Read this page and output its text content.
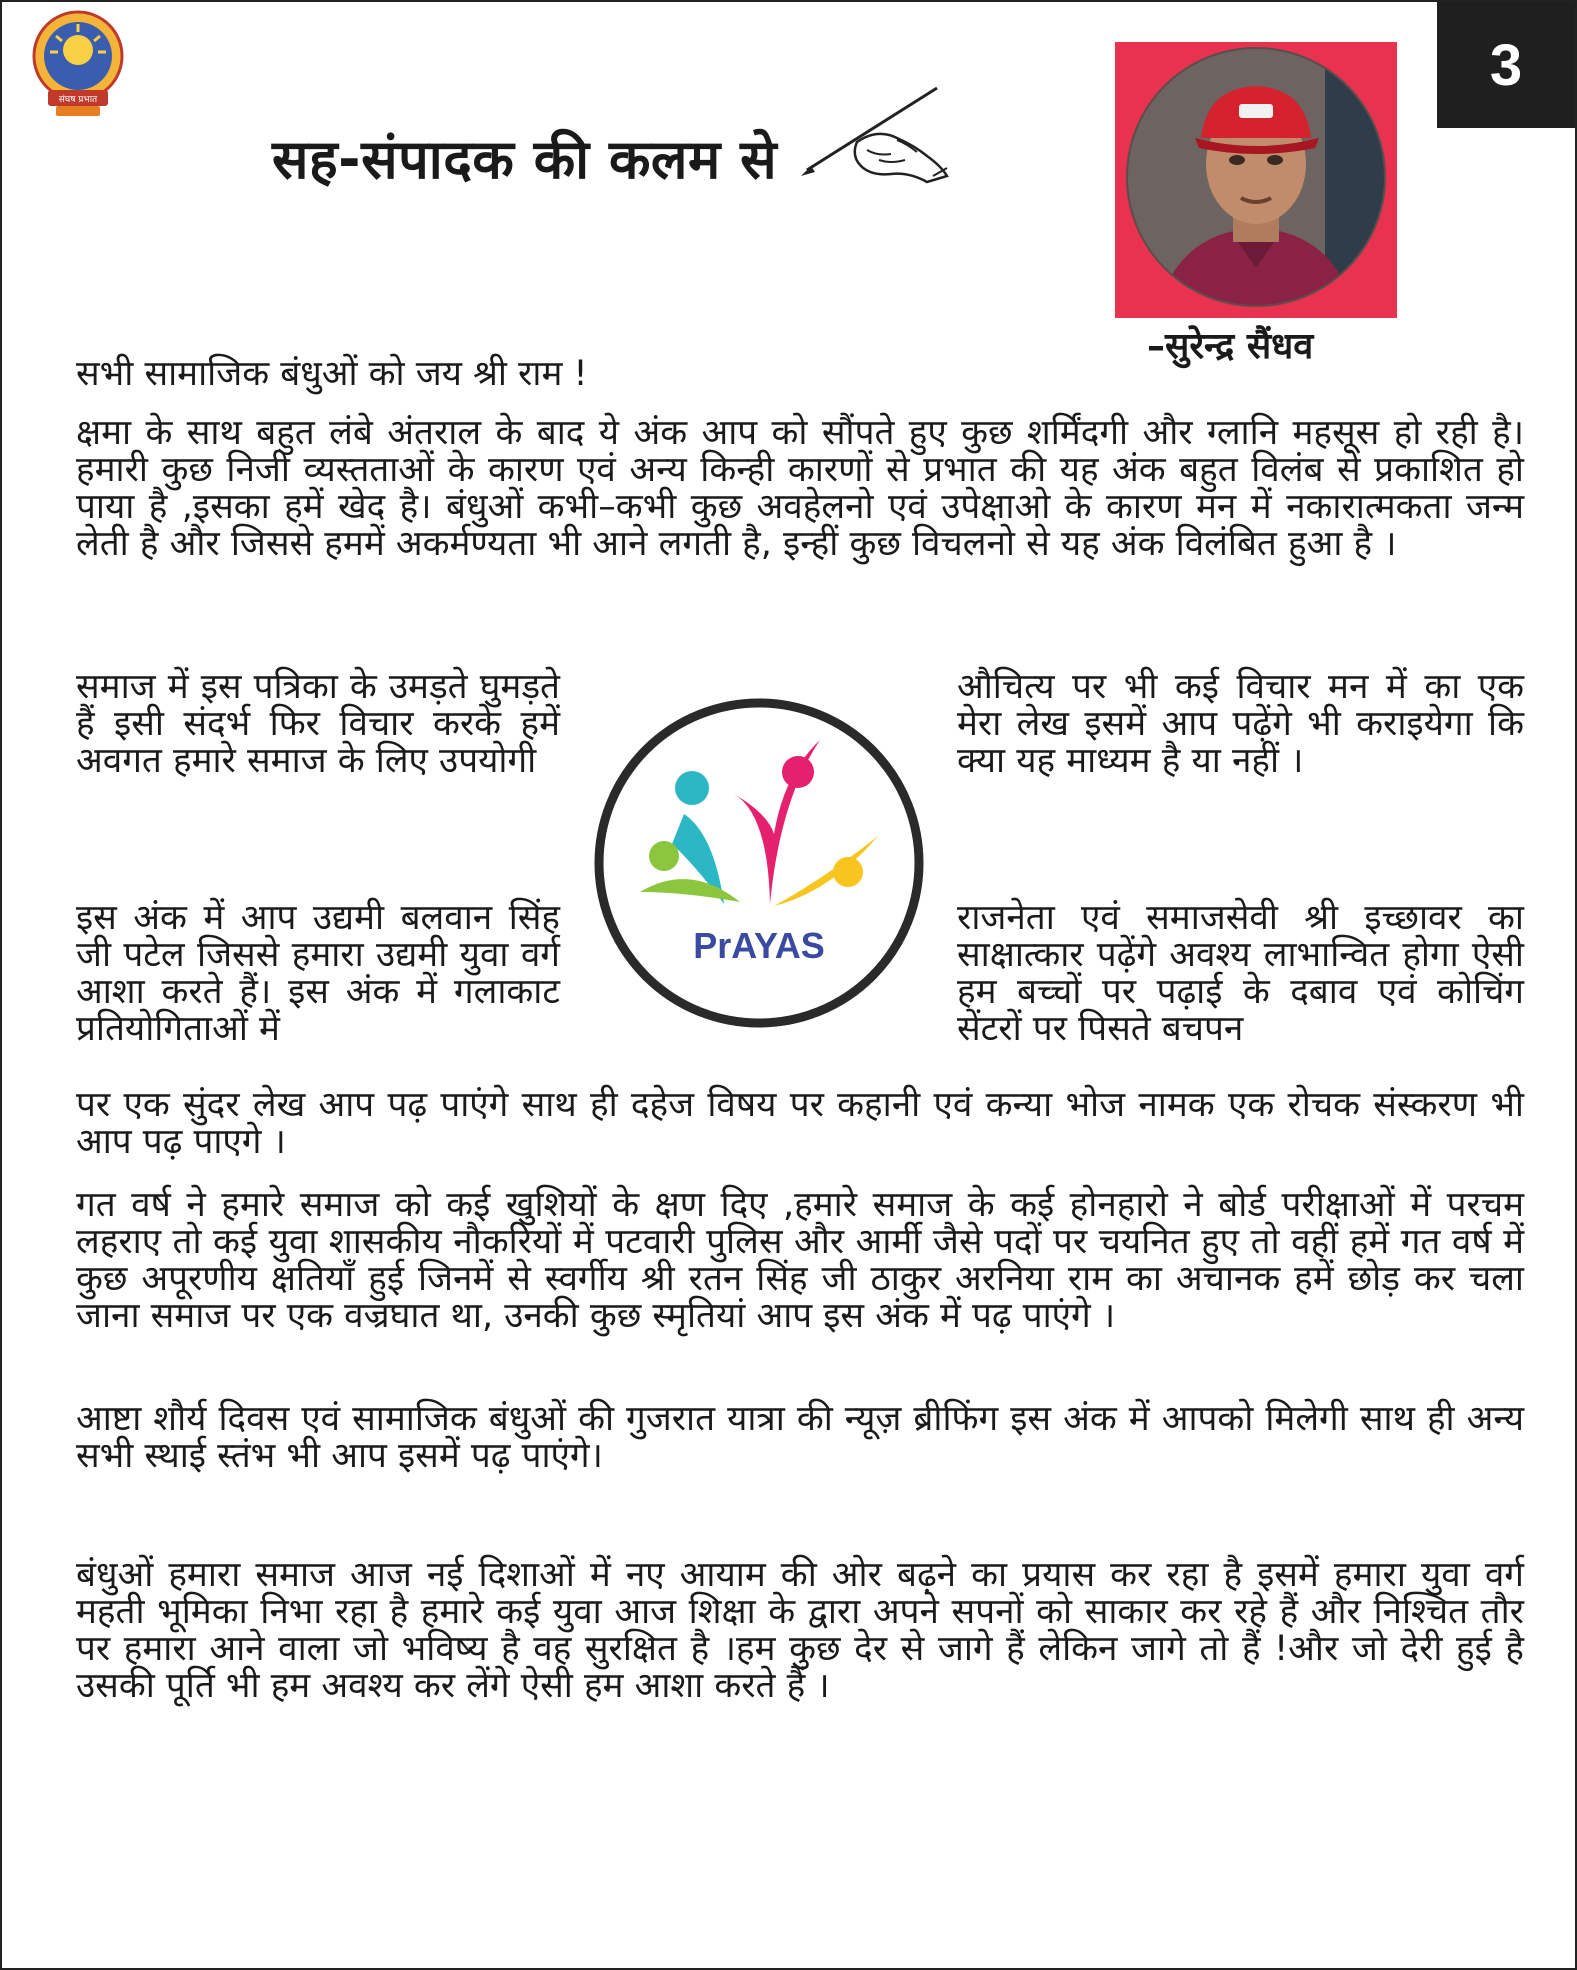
संघष प्रभात
सह-संपादक की कलम से
–सुरेन्द्र सैंधव

सभी सामाजिक बंधुओं को जय श्री राम !

क्षमा के साथ बहुत लंबे अंतराल के बाद ये अंक आप को सौंपते हुए कुछ शर्मिंदगी और ग्लानि महसूस हो रही है। हमारी कुछ निजी व्यस्तताओं के कारण एवं अन्य किन्ही कारणों से प्रभात की यह अंक बहुत विलंब से प्रकाशित हो पाया है ,इसका हमें खेद है। बंधुओं कभी–कभी कुछ अवहेलनो एवं उपेक्षाओ के कारण मन में नकारात्मकता जन्म लेती है और जिससे हममें अकर्मण्यता भी आने लगती है, इन्हीं कुछ विचलनो से यह अंक विलंबित हुआ है ।

समाज में इस पत्रिका के उमड़ते घुमड़ते हैं इसी संदर्भ फिर विचार करके हमें अवगत हमारे समाज के लिए उपयोगी

औचित्य पर भी कई विचार मन में का एक मेरा लेख इसमें आप पढ़ेंगे भी कराइयेगा कि क्या यह माध्यम है या नहीं ।

PrAYAS

इस अंक में आप उद्यमी बलवान सिंह जी पटेल जिससे हमारा उद्यमी युवा वर्ग आशा करते हैं। इस अंक में गलाकाट प्रतियोगिताओं में

राजनेता एवं समाजसेवी श्री इच्छावर का साक्षात्कार पढ़ेंगे अवश्य लाभान्वित होगा ऐसी हम बच्चों पर पढ़ाई के दबाव एवं कोचिंग सेंटरों पर पिसते बचपन

पर एक सुंदर लेख आप पढ़ पाएंगे साथ ही दहेज विषय पर कहानी एवं कन्या भोज नामक एक रोचक संस्करण भी आप पढ़ पाएगे ।

गत वर्ष ने हमारे समाज को कई खुशियों के क्षण दिए ,हमारे समाज के कई होनहारो ने बोर्ड परीक्षाओं में परचम लहराए तो कई युवा शासकीय नौकरियों में पटवारी पुलिस और आर्मी जैसे पदों पर चयनित हुए तो वहीं हमें गत वर्ष में कुछ अपूरणीय क्षतियाँ हुई जिनमें से स्वर्गीय श्री रतन सिंह जी ठाकुर अरनिया राम का अचानक हमें छोड़ कर चला जाना समाज पर एक वज्रघात था, उनकी कुछ स्मृतियां आप इस अंक में पढ़ पाएंगे ।

आष्टा शौर्य दिवस एवं सामाजिक बंधुओं की गुजरात यात्रा की न्यूज़ ब्रीफिंग इस अंक में आपको मिलेगी साथ ही अन्य सभी स्थाई स्तंभ भी आप इसमें पढ़ पाएंगे।

बंधुओं हमारा समाज आज नई दिशाओं में नए आयाम की ओर बढ़ने का प्रयास कर रहा है इसमें हमारा युवा वर्ग महती भूमिका निभा रहा है हमारे कई युवा आज शिक्षा के द्वारा अपने सपनों को साकार कर रहे हैं और निश्चित तौर पर हमारा आने वाला जो भविष्य है वह सुरक्षित है ।हम कुछ देर से जागे हैं लेकिन जागे तो हैं !और जो देरी हुई है उसकी पूर्ति भी हम अवश्य कर लेंगे ऐसी हम आशा करते हैं ।

3
